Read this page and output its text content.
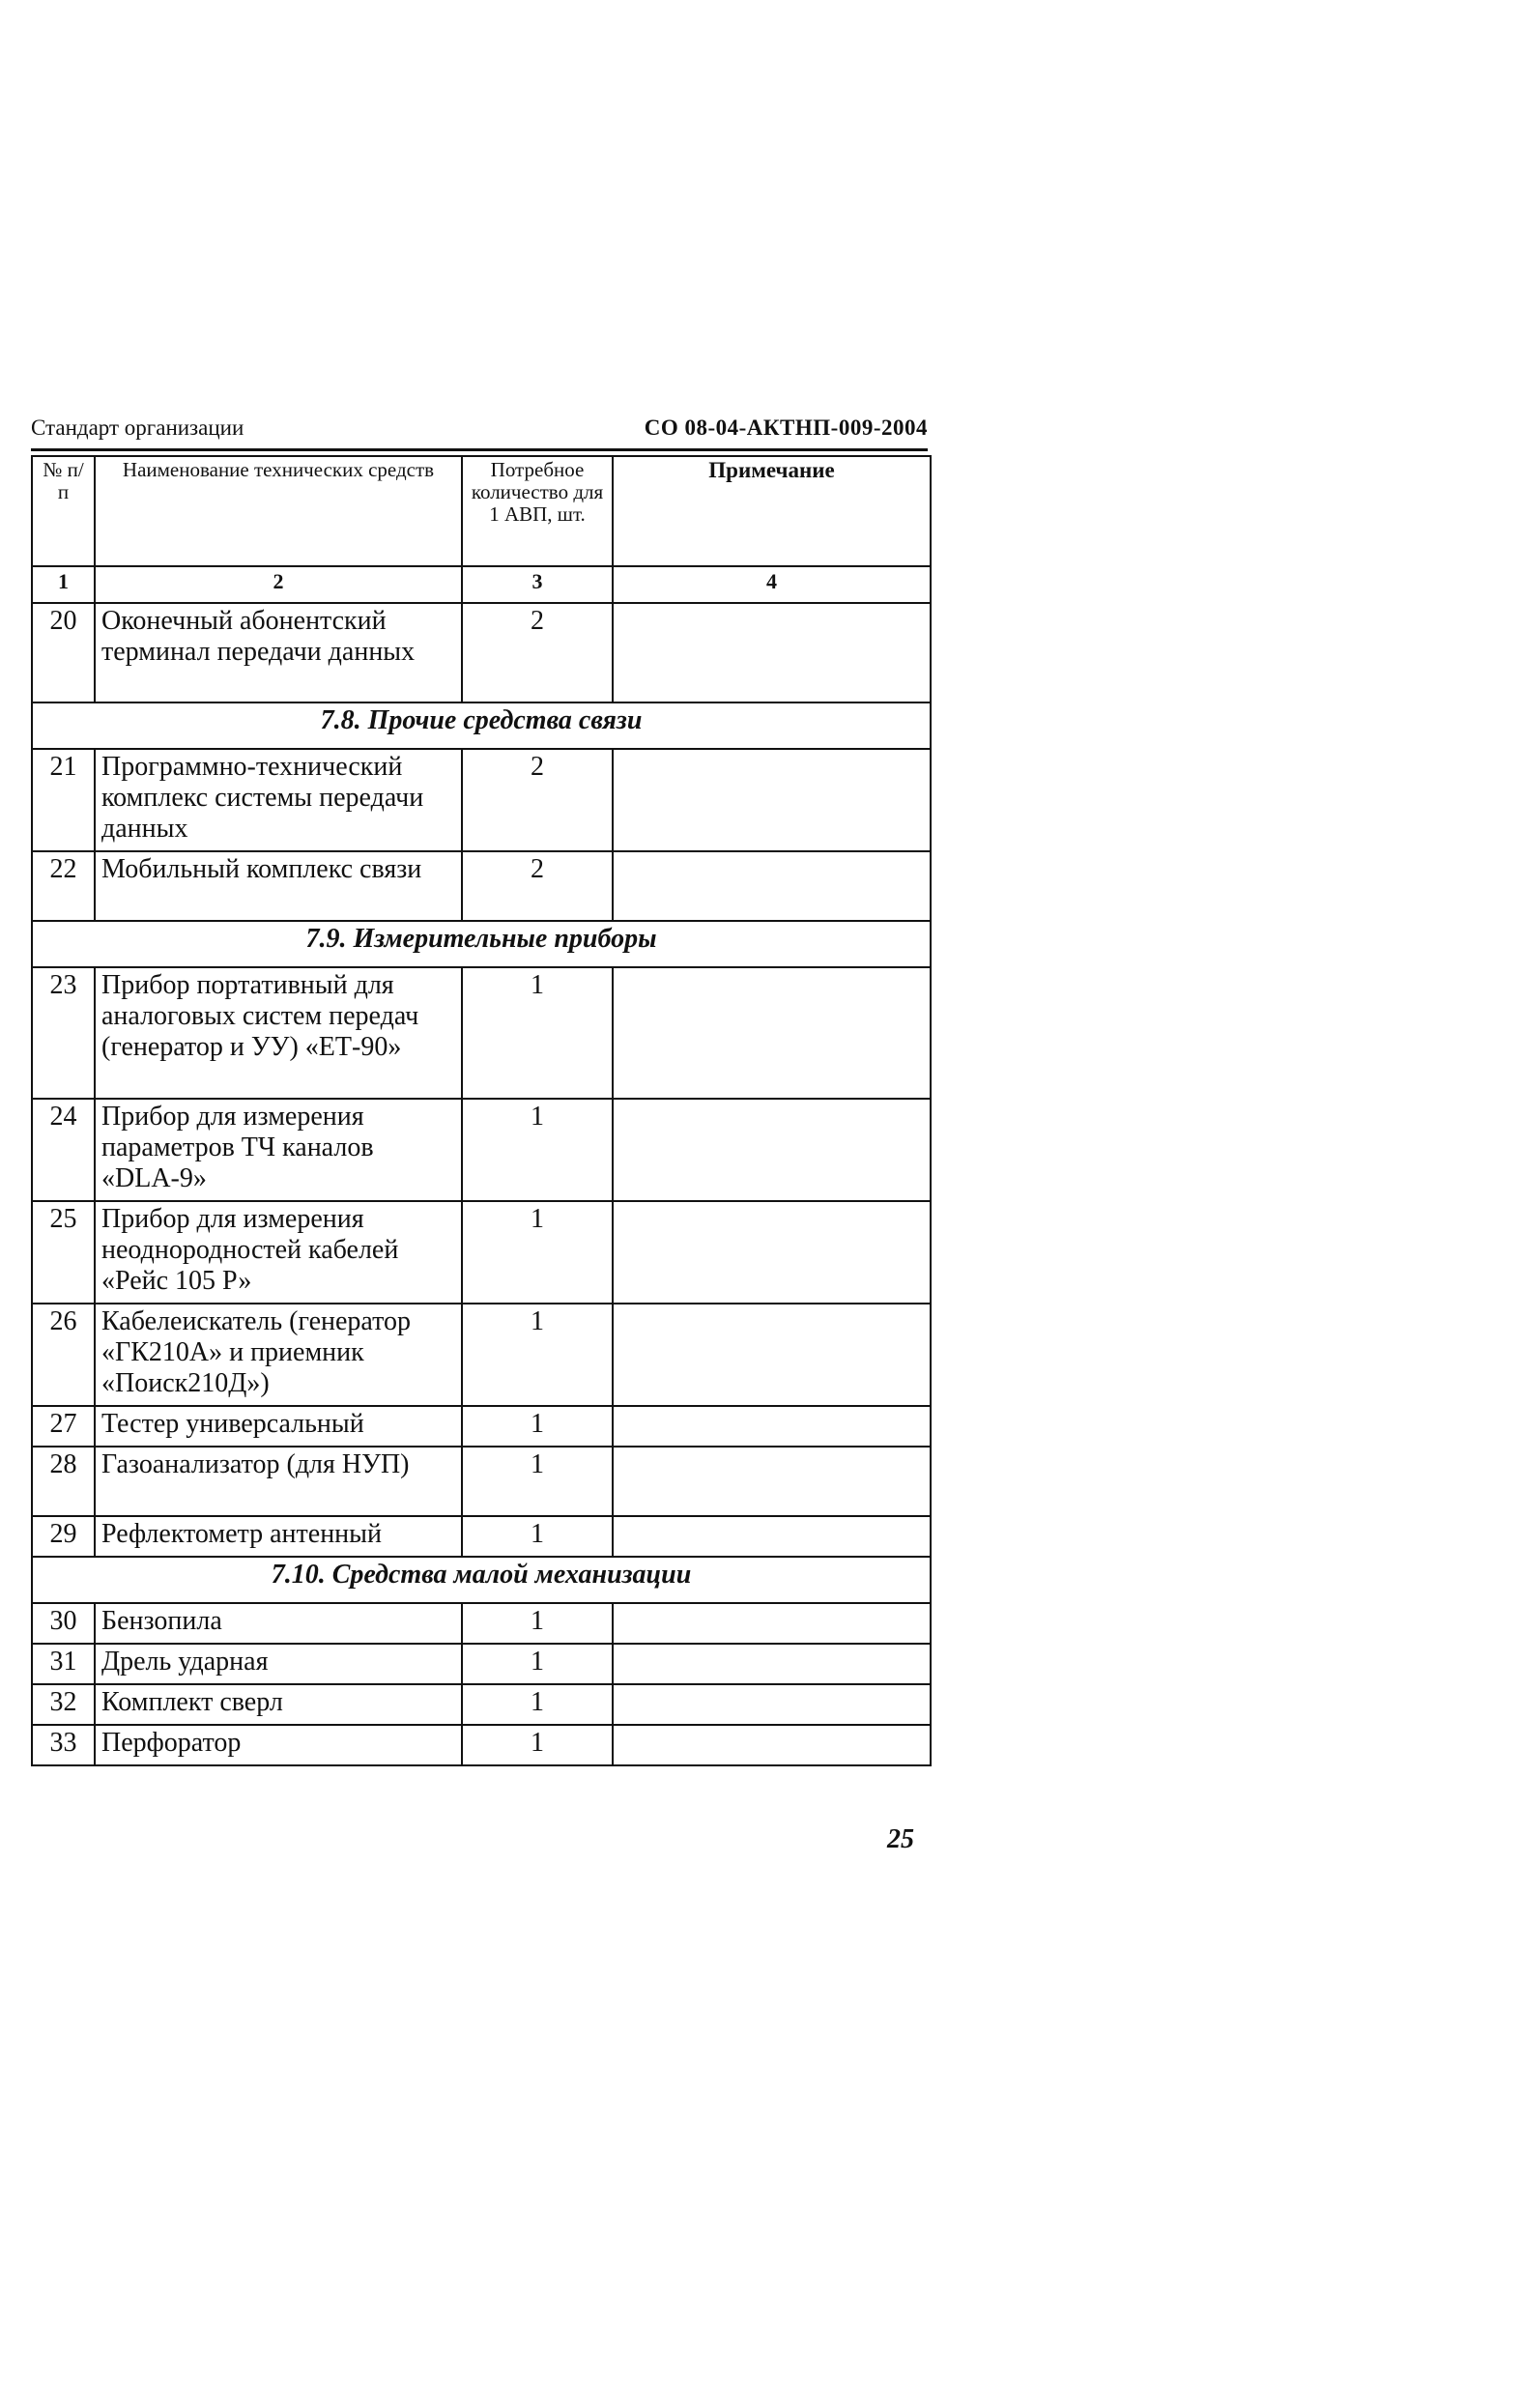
Стандарт организации	СО 08-04-АКТНП-009-2004
№ п/п	Наименование технических средств	Потребное количество для 1 АВП, шт.	Примечание
1	2	3	4
20	Оконечный абонентский терминал передачи данных	2	
7.8. Прочие средства связи			
21	Программно-технический комплекс системы передачи данных	2	
22	Мобильный комплекс связи	2	
7.9. Измерительные приборы			
23	Прибор портативный для аналоговых систем передач (генератор и УУ) «ЕТ-90»	1	
24	Прибор для измерения параметров ТЧ каналов «DLA-9»	1	
25	Прибор для измерения неоднородностей кабелей «Рейс 105 Р»	1	
26	Кабелеискатель (генератор «ГК210А» и приемник «Поиск210Д»)	1	
27	Тестер универсальный	1	
28	Газоанализатор (для НУП)	1	
29	Рефлектометр антенный	1	
7.10. Средства малой механизации			
30	Бензопила	1	
31	Дрель ударная	1	
32	Комплект сверл	1	
33	Перфоратор	1	
25
